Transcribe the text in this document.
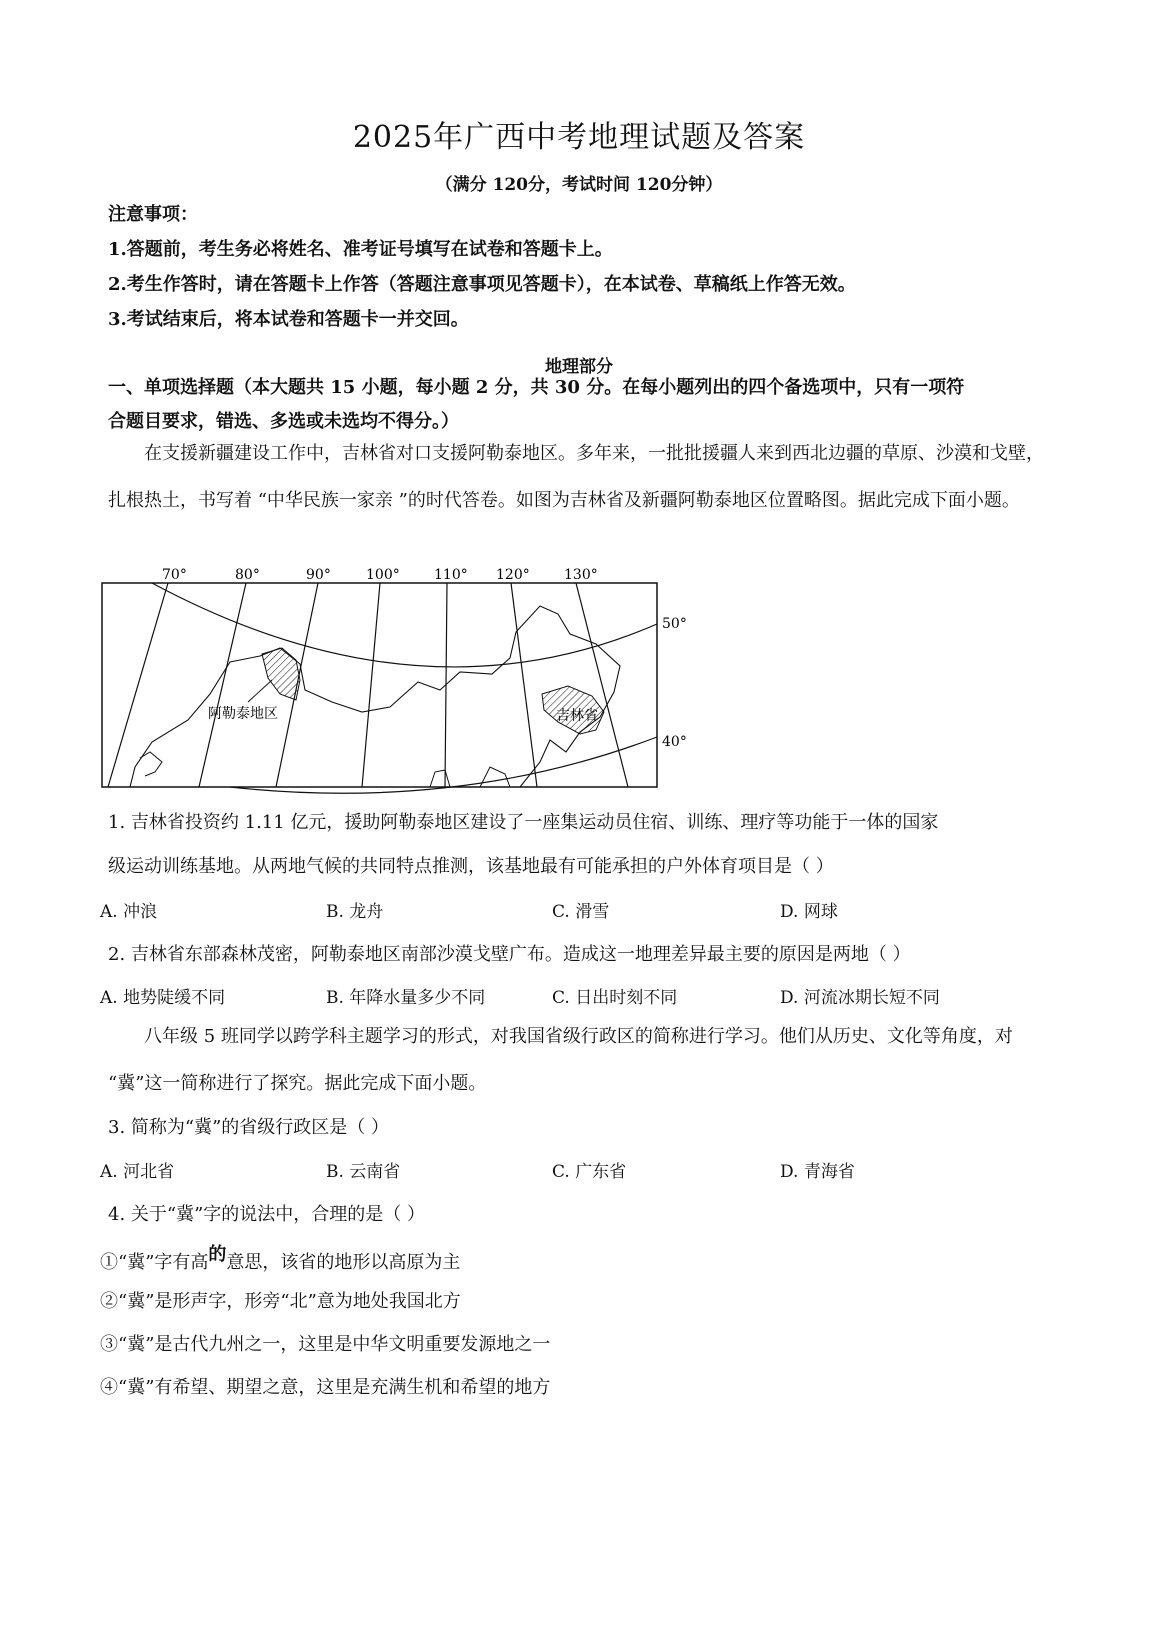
2025年广西中考地理试题及答案
（满分 120分，考试时间 120分钟）
注意事项：
1.答题前，考生务必将姓名、准考证号填写在试卷和答题卡上。
2.考生作答时，请在答题卡上作答（答题注意事项见答题卡），在本试卷、草稿纸上作答无效。
3.考试结束后，将本试卷和答题卡一并交回。
地理部分
一、单项选择题（本大题共 15 小题，每小题 2 分，共 30 分。在每小题列出的四个备选项中，只有一项符
合题目要求，错选、多选或未选均不得分。）
在支援新疆建设工作中，吉林省对口支援阿勒泰地区。多年来，一批批援疆人来到西北边疆的草原、沙漠和戈壁，扎根热土，书写着 “中华民族一家亲 ”的时代答卷。如图为吉林省及新疆阿勒泰地区位置略图。据此完成下面小题。
70°	80°	90°	100° 110° 120° 130°
50°
40°
阿勒泰地区	吉林省
1. 吉林省投资约 1.11 亿元，援助阿勒泰地区建设了一座集运动员住宿、训练、理疗等功能于一体的国家
级运动训练基地。从两地气候的共同特点推测，该基地最有可能承担的户外体育项目是（ ）
A. 冲浪	B. 龙舟	C. 滑雪	D. 网球
2. 吉林省东部森林茂密，阿勒泰地区南部沙漠戈壁广布。造成这一地理差异最主要的原因是两地（ ）
A. 地势陡缓不同	B. 年降水量多少不同	C. 日出时刻不同	D. 河流冰期长短不同
八年级 5 班同学以跨学科主题学习的形式，对我国省级行政区的简称进行学习。他们从历史、文化等角度，对 “冀”这一简称进行了探究。据此完成下面小题。
3. 简称为“冀”的省级行政区是（ ）
A. 河北省	B. 云南省	C. 广东省	D. 青海省
4. 关于“冀”字的说法中，合理的是（ ）
①“冀”字有高的意思，该省的地形以高原为主
②“冀”是形声字，形旁“北”意为地处我国北方
③“冀”是古代九州之一，这里是中华文明重要发源地之一
④“冀”有希望、期望之意，这里是充满生机和希望的地方
